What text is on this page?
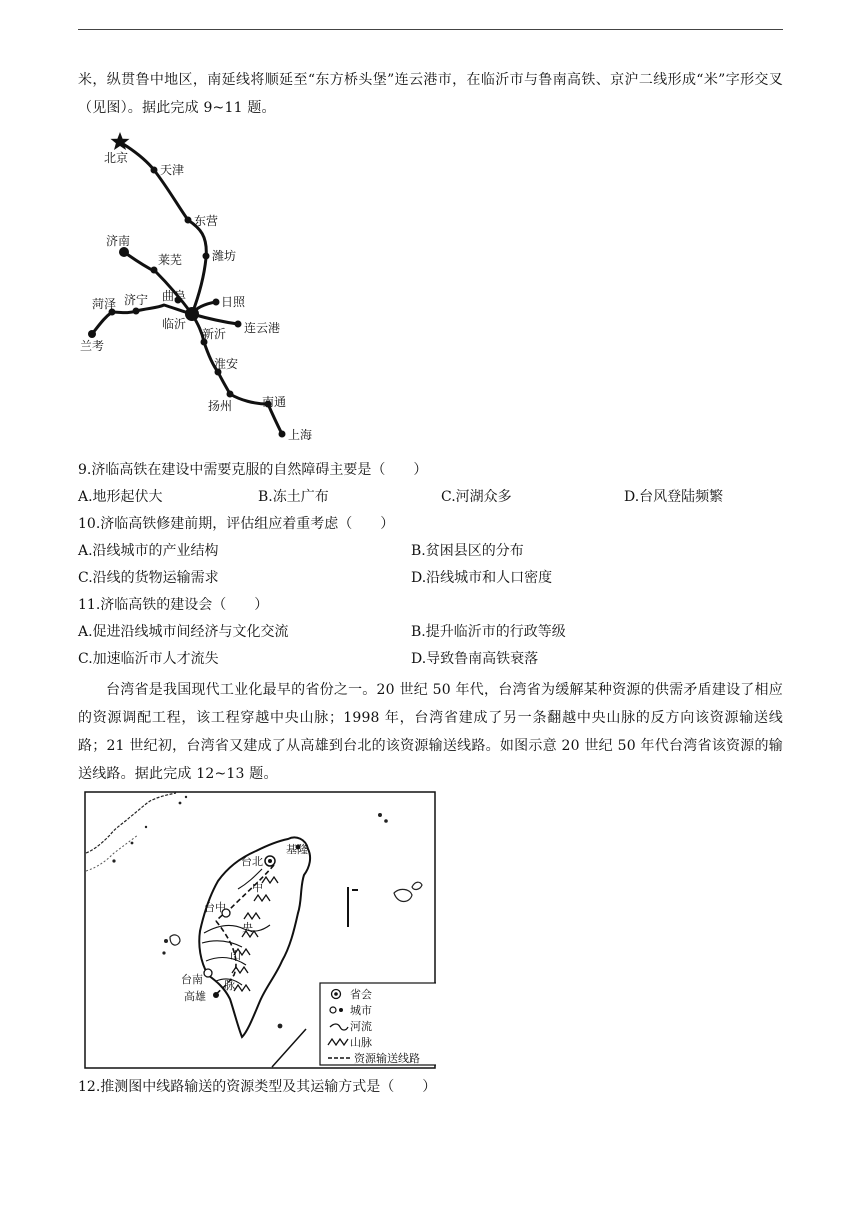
米，纵贯鲁中地区，南延线将顺延至“东方桥头堡”连云港市，在临沂市与鲁南高铁、京沪二线形成“米”字形交叉（见图）。据此完成 9~11 题。
北京
天津
东营
潍坊
济南
莱芜
曲阜	日照
菏泽 济宁
临沂	连云港
兰考
新沂
淮安
扬州 南通
上海
9.济临高铁在建设中需要克服的自然障碍主要是（　　）
A.地形起伏大	B.冻土广布	C.河湖众多	D.台风登陆频繁
10.济临高铁修建前期，评估组应着重考虑（　　）
A.沿线城市的产业结构	B.贫困县区的分布
C.沿线的货物运输需求	D.沿线城市和人口密度
11.济临高铁的建设会（　　）
A.促进沿线城市间经济与文化交流	B.提升临沂市的行政等级
C.加速临沂市人才流失	D.导致鲁南高铁衰落
台湾省是我国现代工业化最早的省份之一。20 世纪 50 年代，台湾省为缓解某种资源的供需矛盾建设了相应的资源调配工程，该工程穿越中央山脉；1998 年，台湾省建成了另一条翻越中央山脉的反方向该资源输送线路；21 世纪初，台湾省又建成了从高雄到台北的该资源输送线路。如图示意 20 世纪 50 年代台湾省该资源的输送线路。据此完成 12~13 题。
台北
基隆
台中
台南
高雄
中
央
山
脉
省会
城市
河流
山脉
资源输送线路
12.推测图中线路输送的资源类型及其运输方式是（　　）
